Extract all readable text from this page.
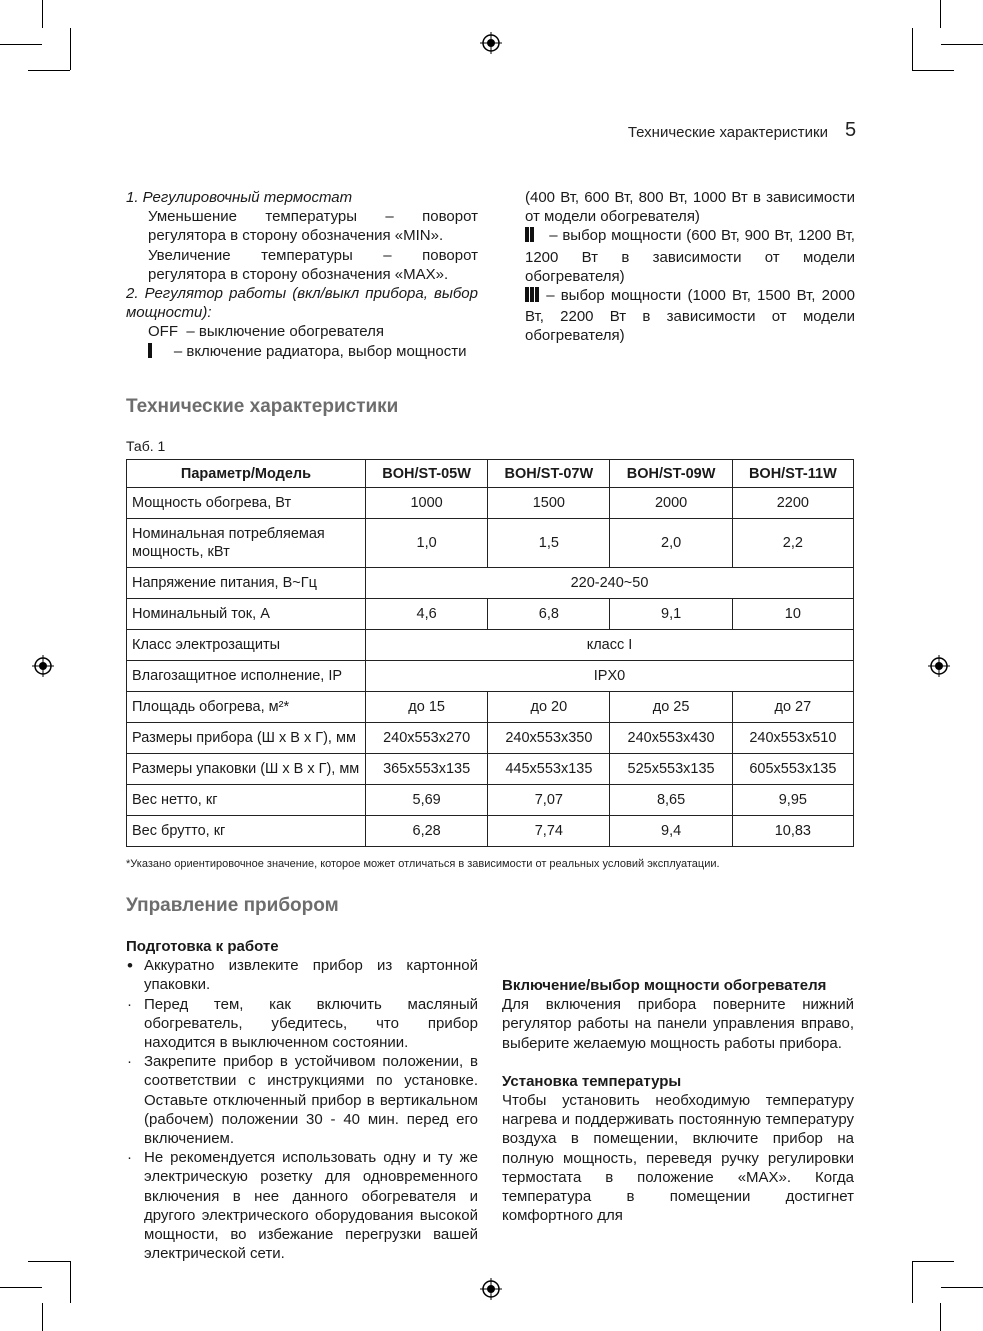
Технические характеристики 5

1. Регулировочный термостат

Уменьшение температуры – поворот регулятора в сторону обозначения «MIN».

Увеличение температуры – поворот регулятора в сторону обозначения «MAX».

2. Регулятор работы (вкл/выкл прибора, выбор мощности):

OFF – выключение обогревателя

– включение радиатора, выбор мощности

(400 Вт, 600 Вт, 800 Вт, 1000 Вт в зависимости от модели обогревателя)

– выбор мощности (600 Вт, 900 Вт, 1200 Вт, 1200 Вт в зависимости от модели обогревателя)

– выбор мощности (1000 Вт, 1500 Вт, 2000 Вт, 2200 Вт в зависимости от модели обогревателя)

Технические характеристики
Таб. 1
Параметр/Модель	BOH/ST-05W	BOH/ST-07W	BOH/ST-09W	BOH/ST-11W
Мощность обогрева, Вт	1000	1500	2000	2200
Номинальная потребляемая мощность, кВт	1,0	1,5	2,0	2,2
Напряжение питания, В~Гц	220-240~50			
Номинальный ток, А	4,6	6,8	9,1	10
Класс электрозащиты	класс I			
Влагозащитное исполнение, IP	IPX0			
Площадь обогрева, м²*	до 15	до 20	до 25	до 27
Размеры прибора (Ш х В х Г), мм	240x553x270	240x553x350	240x553x430	240x553x510
Размеры упаковки (Ш х В х Г), мм	365x553x135	445x553x135	525x553x135	605x553x135
Вес нетто, кг	5,69	7,07	8,65	9,95
Вес брутто, кг	6,28	7,74	9,4	10,83
*Указано ориентировочное значение, которое может отличаться в зависимости от реальных условий эксплуатации.
Управление прибором

Подготовка к работе

• Аккуратно извлеките прибор из картонной упаковки.
· Перед тем, как включить масляный обогреватель, убедитесь, что прибор находится в выключенном состоянии.
· Закрепите прибор в устойчивом положении, в соответствии с инструкциями по установке. Оставьте отключенный прибор в вертикальном (рабочем) положении 30 - 40 мин. перед его включением.
· Не рекомендуется использовать одну и ту же электрическую розетку для одновременного включения в нее данного обогревателя и другого электрического оборудования высокой мощности, во избежание перегрузки вашей электрической сети.

Включение/выбор мощности обогревателя

Для включения прибора поверните нижний регулятор работы на панели управления вправо, выберите желаемую мощность работы прибора.

Установка температуры

Чтобы установить необходимую температуру нагрева и поддерживать постоянную температуру воздуха в помещении, включите прибор на полную мощность, переведя ручку регулировки термостата в положение «MAX». Когда температура в помещении достигнет комфортного для
